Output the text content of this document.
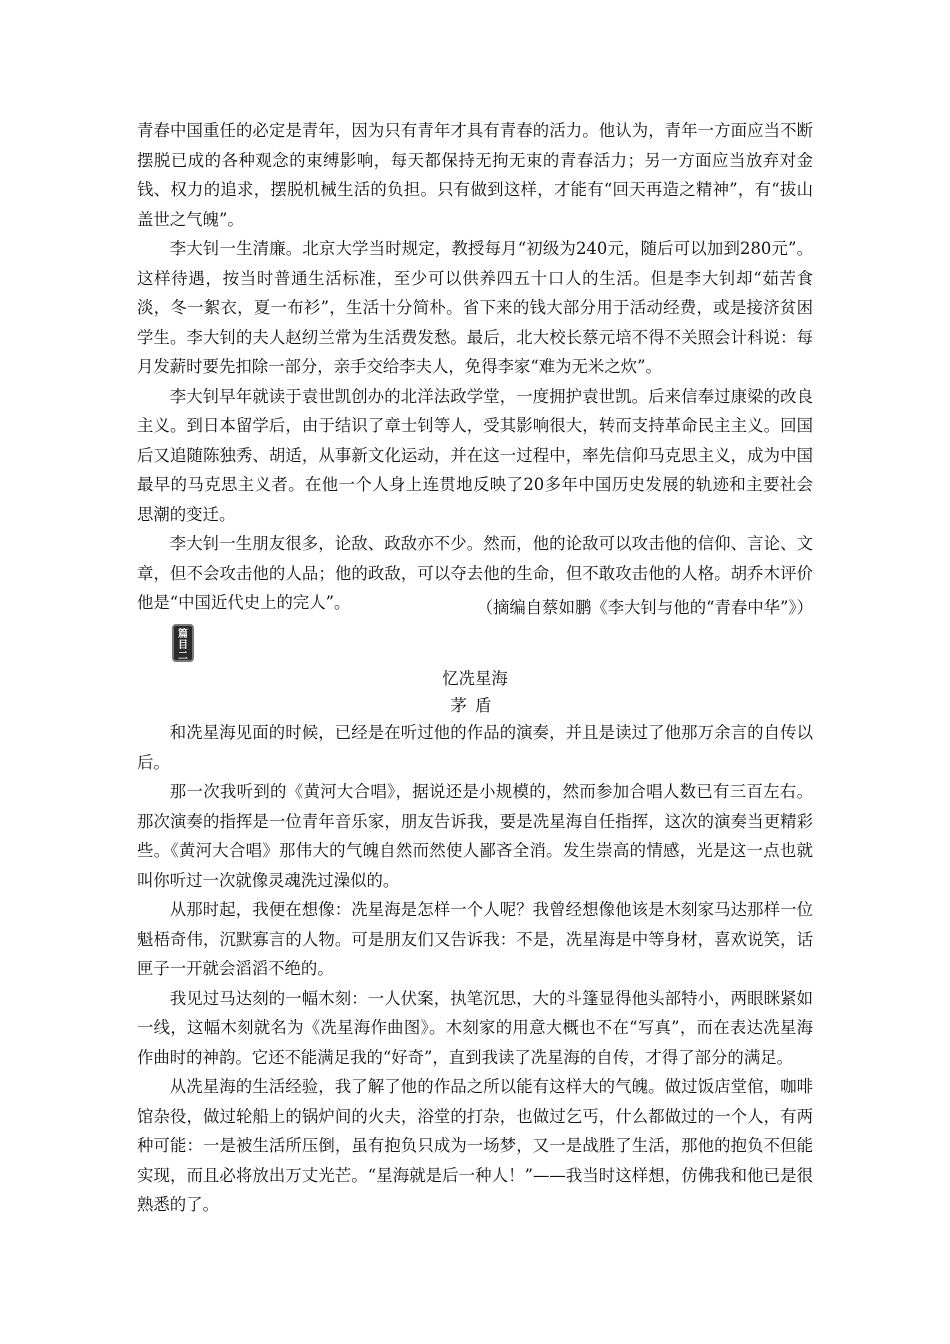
青春中国重任的必定是青年，因为只有青年才具有青春的活力。他认为，青年一方面应当不断摆脱已成的各种观念的束缚影响，每天都保持无拘无束的青春活力；另一方面应当放弃对金钱、权力的追求，摆脱机械生活的负担。只有做到这样，才能有“回天再造之精神”，有“拔山盖世之气魄”。

李大钊一生清廉。北京大学当时规定，教授每月“初级为240元，随后可以加到280元”。这样待遇，按当时普通生活标准，至少可以供养四五十口人的生活。但是李大钊却“茹苦食淡，冬一絮衣，夏一布衫”，生活十分简朴。省下来的钱大部分用于活动经费，或是接济贫困学生。李大钊的夫人赵纫兰常为生活费发愁。最后，北大校长蔡元培不得不关照会计科说：每月发薪时要先扣除一部分，亲手交给李夫人，免得李家“难为无米之炊”。

李大钊早年就读于袁世凯创办的北洋法政学堂，一度拥护袁世凯。后来信奉过康梁的改良主义。到日本留学后，由于结识了章士钊等人，受其影响很大，转而支持革命民主主义。回国后又追随陈独秀、胡适，从事新文化运动，并在这一过程中，率先信仰马克思主义，成为中国最早的马克思主义者。在他一个人身上连贯地反映了20多年中国历史发展的轨迹和主要社会思潮的变迁。

李大钊一生朋友很多，论敌、政敌亦不少。然而，他的论敌可以攻击他的信仰、言论、文章，但不会攻击他的人品；他的政敌，可以夺去他的生命，但不敢攻击他的人格。胡乔木评价他是“中国近代史上的完人”。	（摘编自蔡如鹏《李大钊与他的“青春中华”》）
篇
目
二
忆冼星海
茅盾

和冼星海见面的时候，已经是在听过他的作品的演奏，并且是读过了他那万余言的自传以后。

那一次我听到的《黄河大合唱》，据说还是小规模的，然而参加合唱人数已有三百左右。那次演奏的指挥是一位青年音乐家，朋友告诉我，要是冼星海自任指挥，这次的演奏当更精彩些。《黄河大合唱》那伟大的气魄自然而然使人鄙吝全消。发生崇高的情感，光是这一点也就叫你听过一次就像灵魂洗过澡似的。

从那时起，我便在想像：冼星海是怎样一个人呢？我曾经想像他该是木刻家马达那样一位魁梧奇伟，沉默寡言的人物。可是朋友们又告诉我：不是，冼星海是中等身材，喜欢说笑，话匣子一开就会滔滔不绝的。

我见过马达刻的一幅木刻：一人伏案，执笔沉思，大的斗篷显得他头部特小，两眼眯紧如一线，这幅木刻就名为《冼星海作曲图》。木刻家的用意大概也不在“写真”，而在表达冼星海作曲时的神韵。它还不能满足我的“好奇”，直到我读了冼星海的自传，才得了部分的满足。

从冼星海的生活经验，我了解了他的作品之所以能有这样大的气魄。做过饭店堂倌，咖啡馆杂役，做过轮船上的锅炉间的火夫，浴堂的打杂，也做过乞丐，什么都做过的一个人，有两种可能：一是被生活所压倒，虽有抱负只成为一场梦，又一是战胜了生活，那他的抱负不但能实现，而且必将放出万丈光芒。“星海就是后一种人！”——我当时这样想，仿佛我和他已是很熟悉的了。
